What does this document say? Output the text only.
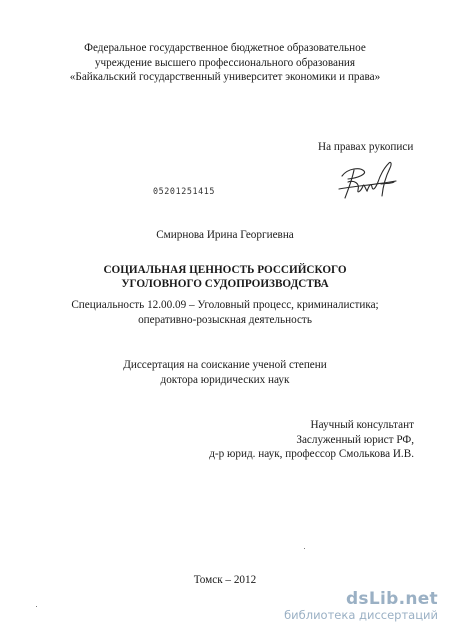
Федеральное государственное бюджетное образовательное
учреждение высшего профессионального образования
«Байкальский государственный университет экономики и права»
На правах рукописи
05201251415
Смирнова Ирина Георгиевна
СОЦИАЛЬНАЯ ЦЕННОСТЬ РОССИЙСКОГО
УГОЛОВНОГО СУДОПРОИЗВОДСТВА
Специальность 12.00.09 – Уголовный процесс, криминалистика;
оперативно-розыскная деятельность
Диссертация на соискание ученой степени
доктора юридических наук
Научный консультант
Заслуженный юрист РФ,
д-р юрид. наук, профессор Смолькова И.В.
Томск – 2012
dsLib.net
библиотека диссертаций
